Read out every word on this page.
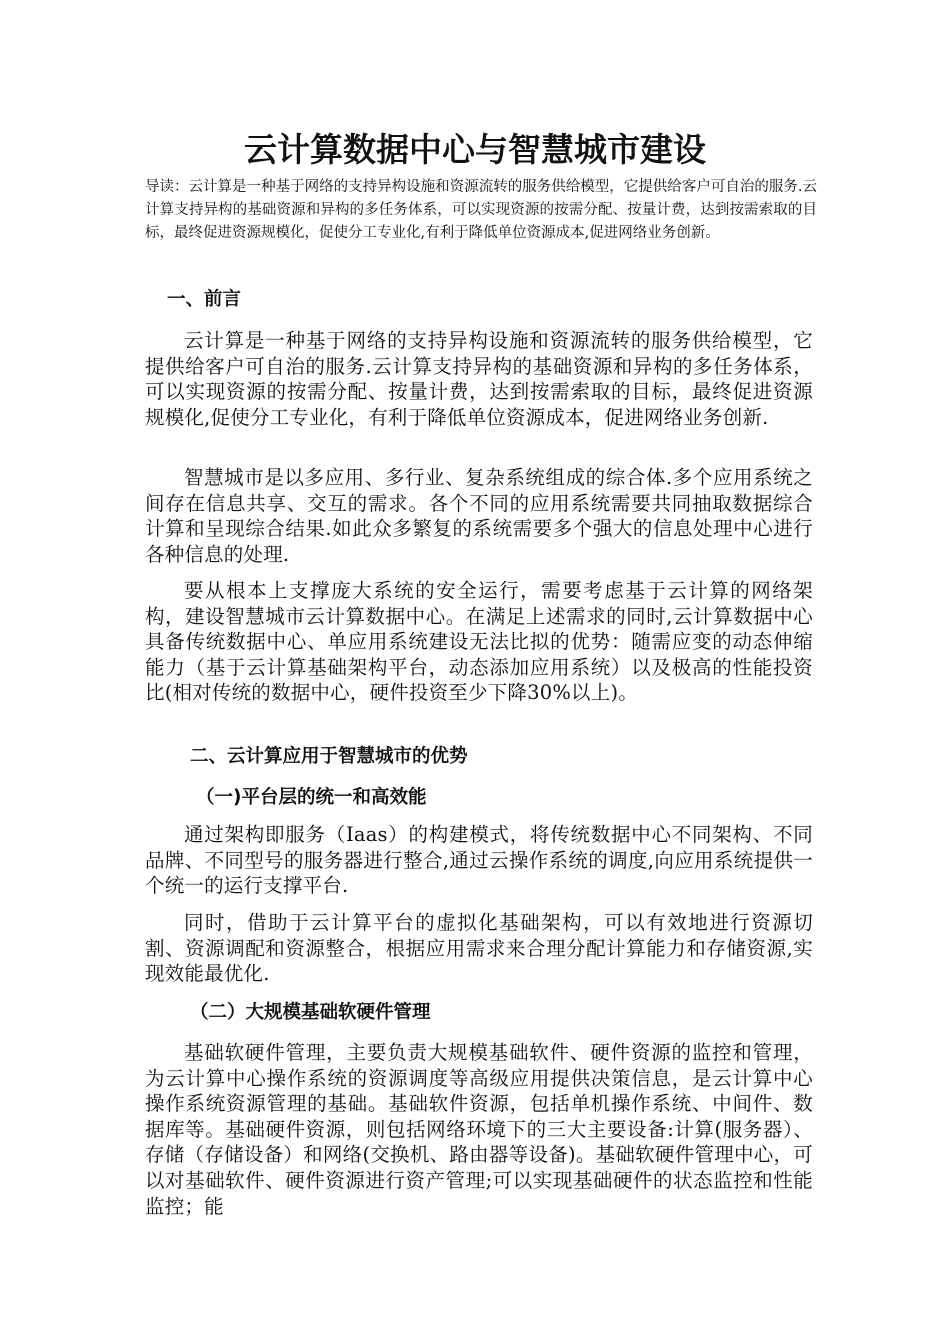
云计算数据中心与智慧城市建设

导读：云计算是一种基于网络的支持异构设施和资源流转的服务供给模型，它提供给客户可自治的服务.云计算支持异构的基础资源和异构的多任务体系，可以实现资源的按需分配、按量计费，达到按需索取的目标，最终促进资源规模化，促使分工专业化,有利于降低单位资源成本,促进网络业务创新。

一、前言

云计算是一种基于网络的支持异构设施和资源流转的服务供给模型，它提供给客户可自治的服务.云计算支持异构的基础资源和异构的多任务体系，可以实现资源的按需分配、按量计费，达到按需索取的目标，最终促进资源规模化,促使分工专业化，有利于降低单位资源成本，促进网络业务创新.

智慧城市是以多应用、多行业、复杂系统组成的综合体.多个应用系统之间存在信息共享、交互的需求。各个不同的应用系统需要共同抽取数据综合计算和呈现综合结果.如此众多繁复的系统需要多个强大的信息处理中心进行各种信息的处理.

要从根本上支撑庞大系统的安全运行，需要考虑基于云计算的网络架构，建设智慧城市云计算数据中心。在满足上述需求的同时,云计算数据中心具备传统数据中心、单应用系统建设无法比拟的优势：随需应变的动态伸缩能力（基于云计算基础架构平台，动态添加应用系统）以及极高的性能投资比(相对传统的数据中心，硬件投资至少下降30%以上)。

二、云计算应用于智慧城市的优势
（一)平台层的统一和高效能

通过架构即服务（Iaas）的构建模式，将传统数据中心不同架构、不同品牌、不同型号的服务器进行整合,通过云操作系统的调度,向应用系统提供一个统一的运行支撑平台.

同时，借助于云计算平台的虚拟化基础架构，可以有效地进行资源切割、资源调配和资源整合，根据应用需求来合理分配计算能力和存储资源,实现效能最优化.

（二）大规模基础软硬件管理

基础软硬件管理，主要负责大规模基础软件、硬件资源的监控和管理，为云计算中心操作系统的资源调度等高级应用提供决策信息，是云计算中心操作系统资源管理的基础。基础软件资源，包括单机操作系统、中间件、数据库等。基础硬件资源，则包括网络环境下的三大主要设备:计算(服务器）、存储（存储设备）和网络(交换机、路由器等设备)。基础软硬件管理中心，可以对基础软件、硬件资源进行资产管理;可以实现基础硬件的状态监控和性能监控；能
